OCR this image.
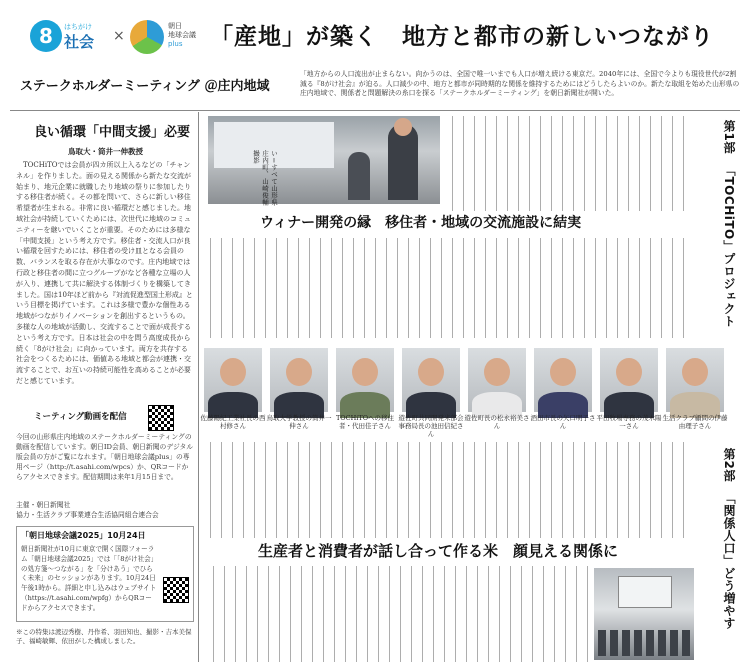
8	はちがけ
社会 ×
朝日
地球会議
plus 「産地」が築く　地方と都市の新しいつながり
ステークホルダーミーティング ＠庄内地域
「地方からの人口流出が止まらない。向かうのは、全国で唯一いまでも人口が増え続ける東京だ。2040年には、全国で今よりも現役世代が2割減る『8がけ社会』が迫る。人口減少の中、地方と都市が同時期的な関係を維持するためにはどうしたらよいのか。新たな取組を始めた山形県の庄内地域で、関係者と問題解決の糸口を探る「ステークホルダーミーティング」を朝日新聞社が開いた。
良い循環「中間支援」必要
鳥取大・筒井一伸教授
TOCHiTOでは会員が四カ所以上入るなどの「チャンネル」を作りました。面の見える関係から新たな交流が始まり、地元企業に就職したり地域の祭りに参加したりする移住者が続く。その都を問いて、さらに新しい移住希望者が生まれる。非常に良い循環だと感じました。地域社会が持続していくためには、次世代に地域のコミュニティーを継いでいくことが重要。そのためには多様な「中間支援」という考え方です。移住者・交流人口が良い循環を回すためには、移住者の受け皿となる会員の数、バランスを取る存在が大事なのです。庄内地域では行政と移住者の間に立つグループがなど各種な立場の人が入り、連携して共に解決する体制づくりを構築してきました。国は10年ほど前から『対流促進型国土形成』という目標を掲げています。これは多様で豊かな個性ある地域がつながりイノベーションを創出するというもの。多様な人の地域が活動し、交流することで面が成長するという考え方です。日本は社会の中を問う高度成長から続く「8がけ社会」に向かっています。両方を共存する社会をつくるためには、価値ある地域と都会が連携・交流することで、お互いの持続可能性を高めることが必要だと感じています。
ミーティング動画を配信
今回の山形県庄内地域のステークホルダーミーティングの動画を配信しています。朝日ID会員、朝日新聞のデジタル版会員の方がご覧になれます。「朝日地球会議plus」の専用ページ（http://t.asahi.com/wpcs）か、QRコードからアクセスできます。配信期間は来年1月15日まで。
主催・朝日新聞社
協力・生活クラブ事業連合生活協同組合連合会
「朝日地球会議2025」10月24日
朝日新聞社が10月に東京で開く国際フォーラム「朝日地球会議2025」では「「8がけ社会」の処方箋～つながる」を「分けあう」でひらく未来」のセッションがあります。10月24日午後1時から。詳細と申し込みはウェブサイト（https://t.asahi.com/wpfg）からQRコードからアクセスできます。
※この特集は渡辺秀樹、丹作希、羽田知也、撮影・吉本美保子、福崎敏輝、依田がした構成しました。
い＝すべて山形県庄内町、山崎俊輔撮影
ウィナー開発の縁　移住者・地域の交流施設に結実
第1部
「TOCHiTO」プロジェクト
佐藤陽紀工業社長の西村修さん
鳥取大学教授の筒井一伸さん
TOCHiTOへの移住者・代田佳子さん
遊佐町共同開発米部会事務局長の池田信紀さん
遊佐町長の松永裕美さん
酒田市長の矢口明子さん
平田牧場専務の茂木陽一さん
生活クラブ顧問の伊藤由理子さん
生産者と消費者が話し合って作る米　顔見える関係に
第2部
「関係人口」どう増やす
